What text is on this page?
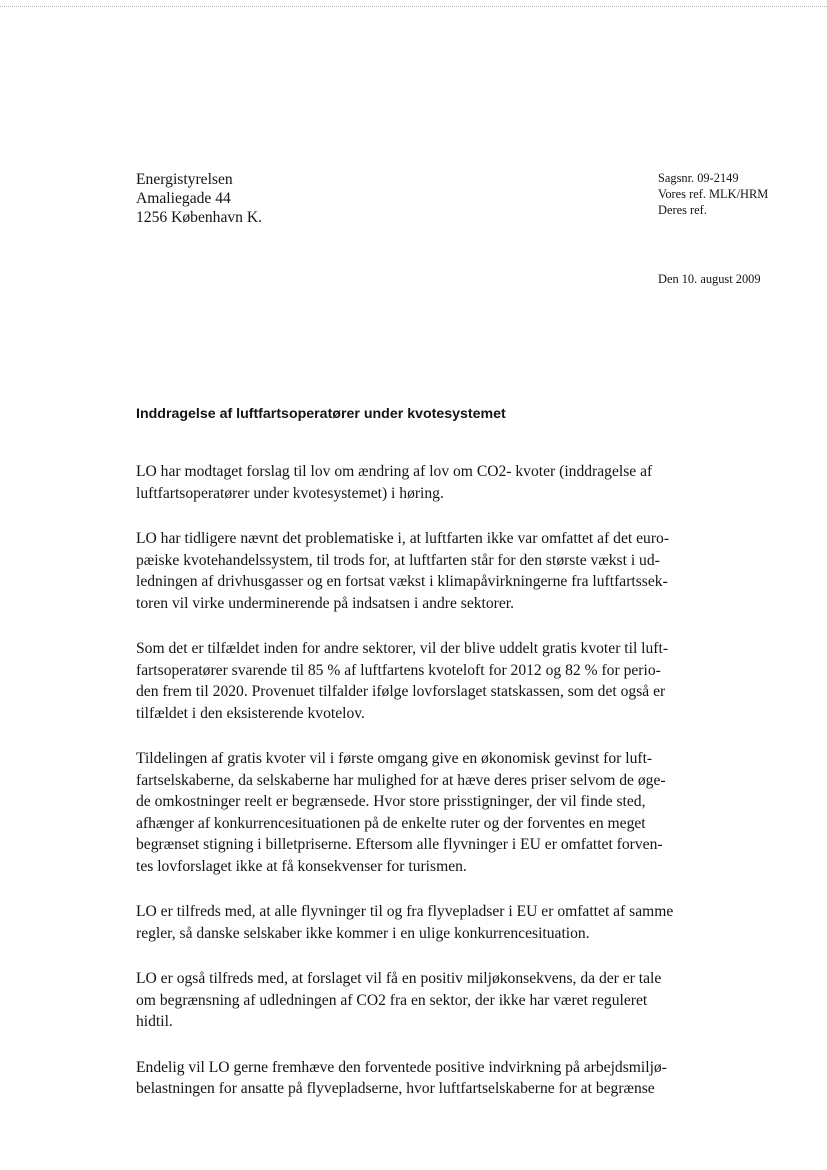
Energistyrelsen
Amaliegade 44
1256 København K.
Sagsnr. 09-2149
Vores ref. MLK/HRM
Deres ref.
Den 10. august 2009
Inddragelse af luftfartsoperatører under kvotesystemet
LO har modtaget forslag til lov om ændring af lov om CO2- kvoter (inddragelse af
luftfartsoperatører under kvotesystemet) i høring.
LO har tidligere nævnt det problematiske i, at luftfarten ikke var omfattet af det euro-
pæiske kvotehandelssystem, til trods for, at luftfarten står for den største vækst i ud-
ledningen af drivhusgasser og en fortsat vækst i klimapåvirkningerne fra luftfartssek-
toren vil virke underminerende på indsatsen i andre sektorer.
Som det er tilfældet inden for andre sektorer, vil der blive uddelt gratis kvoter til luft-
fartsoperatører svarende til 85 % af luftfartens kvoteloft for 2012 og 82 % for perio-
den frem til 2020. Provenuet tilfalder ifølge lovforslaget statskassen, som det også er
tilfældet i den eksisterende kvotelov.
Tildelingen af gratis kvoter vil i første omgang give en økonomisk gevinst for luft-
fartselskaberne, da selskaberne har mulighed for at hæve deres priser selvom de øge-
de omkostninger reelt er begrænsede. Hvor store prisstigninger, der vil finde sted,
afhænger af konkurrencesituationen på de enkelte ruter og der forventes en meget
begrænset stigning i billetpriserne. Eftersom alle flyvninger i EU er omfattet forven-
tes lovforslaget ikke at få konsekvenser for turismen.
LO er tilfreds med, at alle flyvninger til og fra flyvepladser i EU er omfattet af samme
regler, så danske selskaber ikke kommer i en ulige konkurrencesituation.
LO er også tilfreds med, at forslaget vil få en positiv miljøkonsekvens, da der er tale
om begrænsning af udledningen af CO2 fra en sektor, der ikke har været reguleret
hidtil.
Endelig vil LO gerne fremhæve den forventede positive indvirkning på arbejdsmiljø-
belastningen for ansatte på flyvepladserne, hvor luftfartselskaberne for at begrænse
